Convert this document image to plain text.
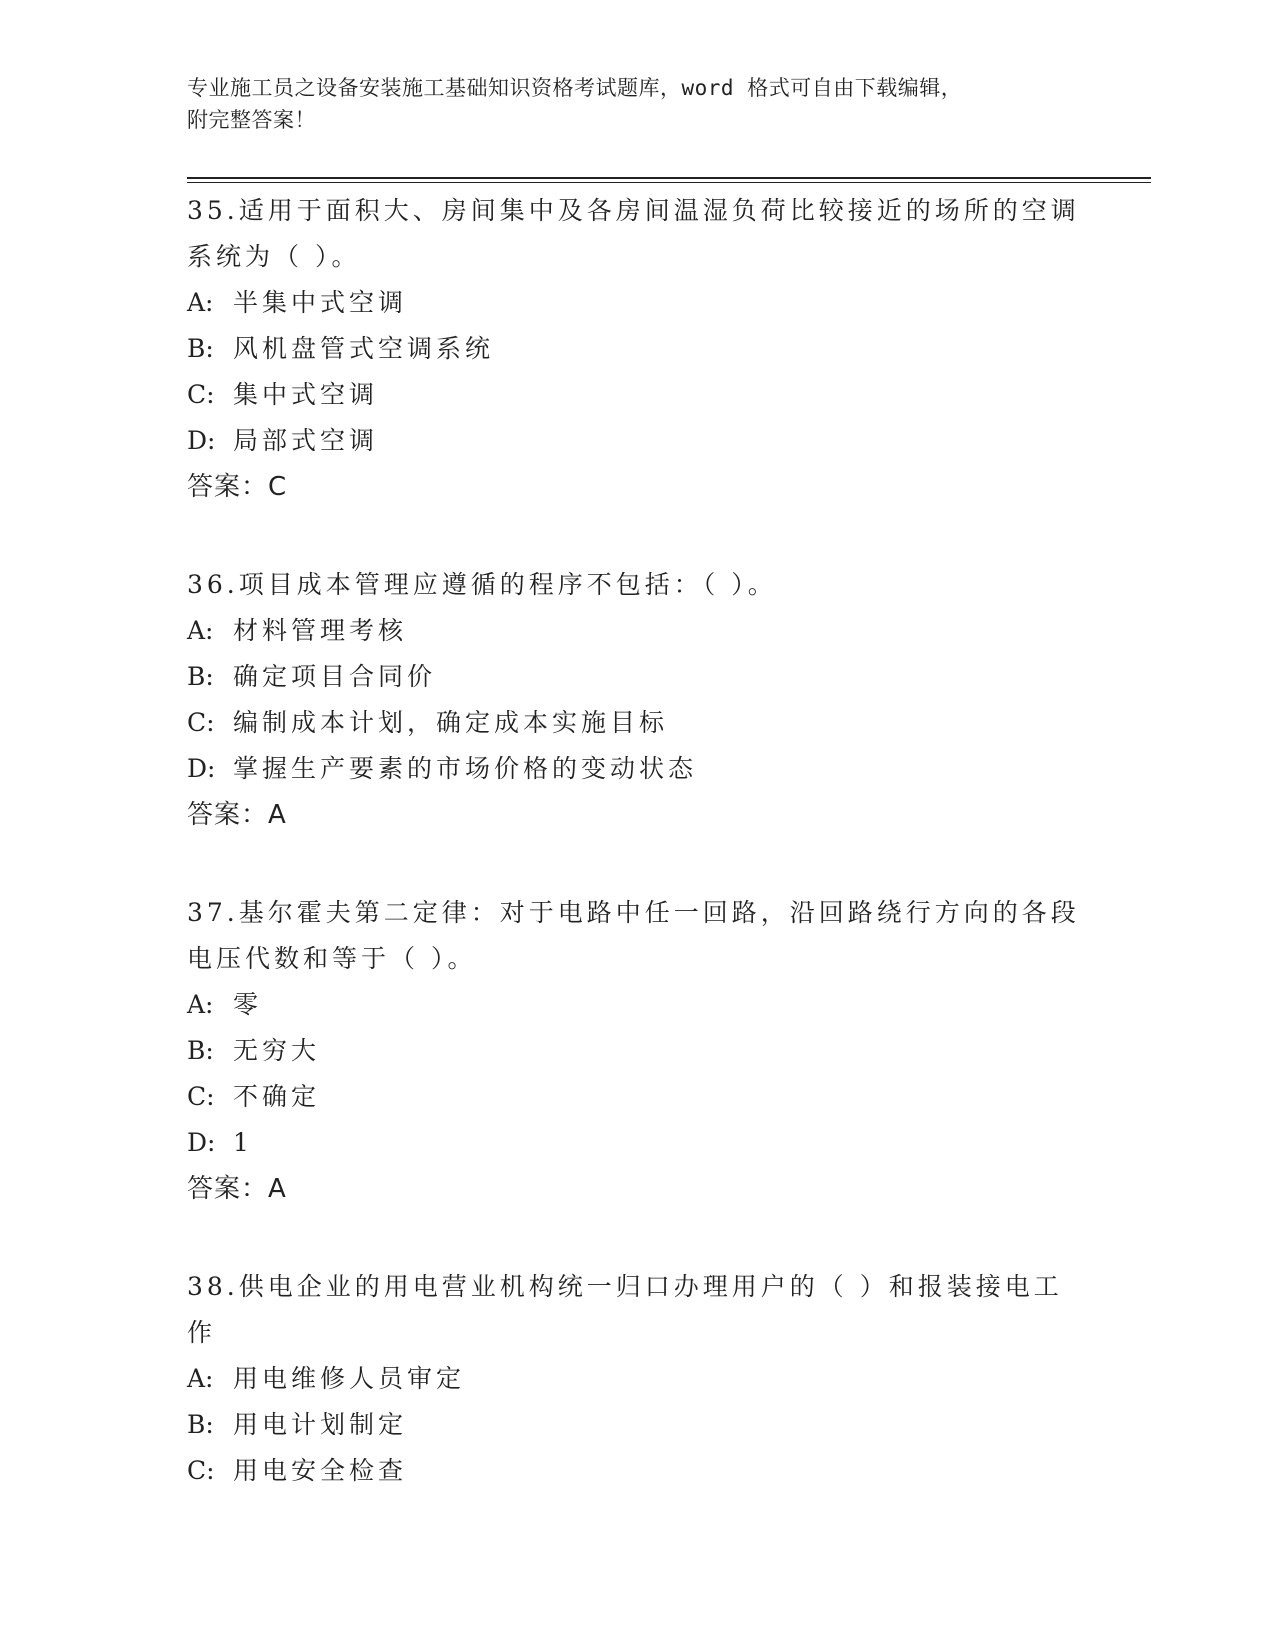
专业施工员之设备安装施工基础知识资格考试题库，word 格式可自由下载编辑，
附完整答案！

35.适用于面积大、房间集中及各房间温湿负荷比较接近的场所的空调

系统为（ ）。

A: 半集中式空调

B: 风机盘管式空调系统

C: 集中式空调

D: 局部式空调

答案：C

36.项目成本管理应遵循的程序不包括：（ ）。

A: 材料管理考核

B: 确定项目合同价

C: 编制成本计划，确定成本实施目标

D: 掌握生产要素的市场价格的变动状态

答案：A

37.基尔霍夫第二定律：对于电路中任一回路，沿回路绕行方向的各段

电压代数和等于（ ）。

A: 零

B: 无穷大

C: 不确定

D: 1

答案：A

38.供电企业的用电营业机构统一归口办理用户的（ ）和报装接电工

作

A: 用电维修人员审定

B: 用电计划制定

C: 用电安全检查
